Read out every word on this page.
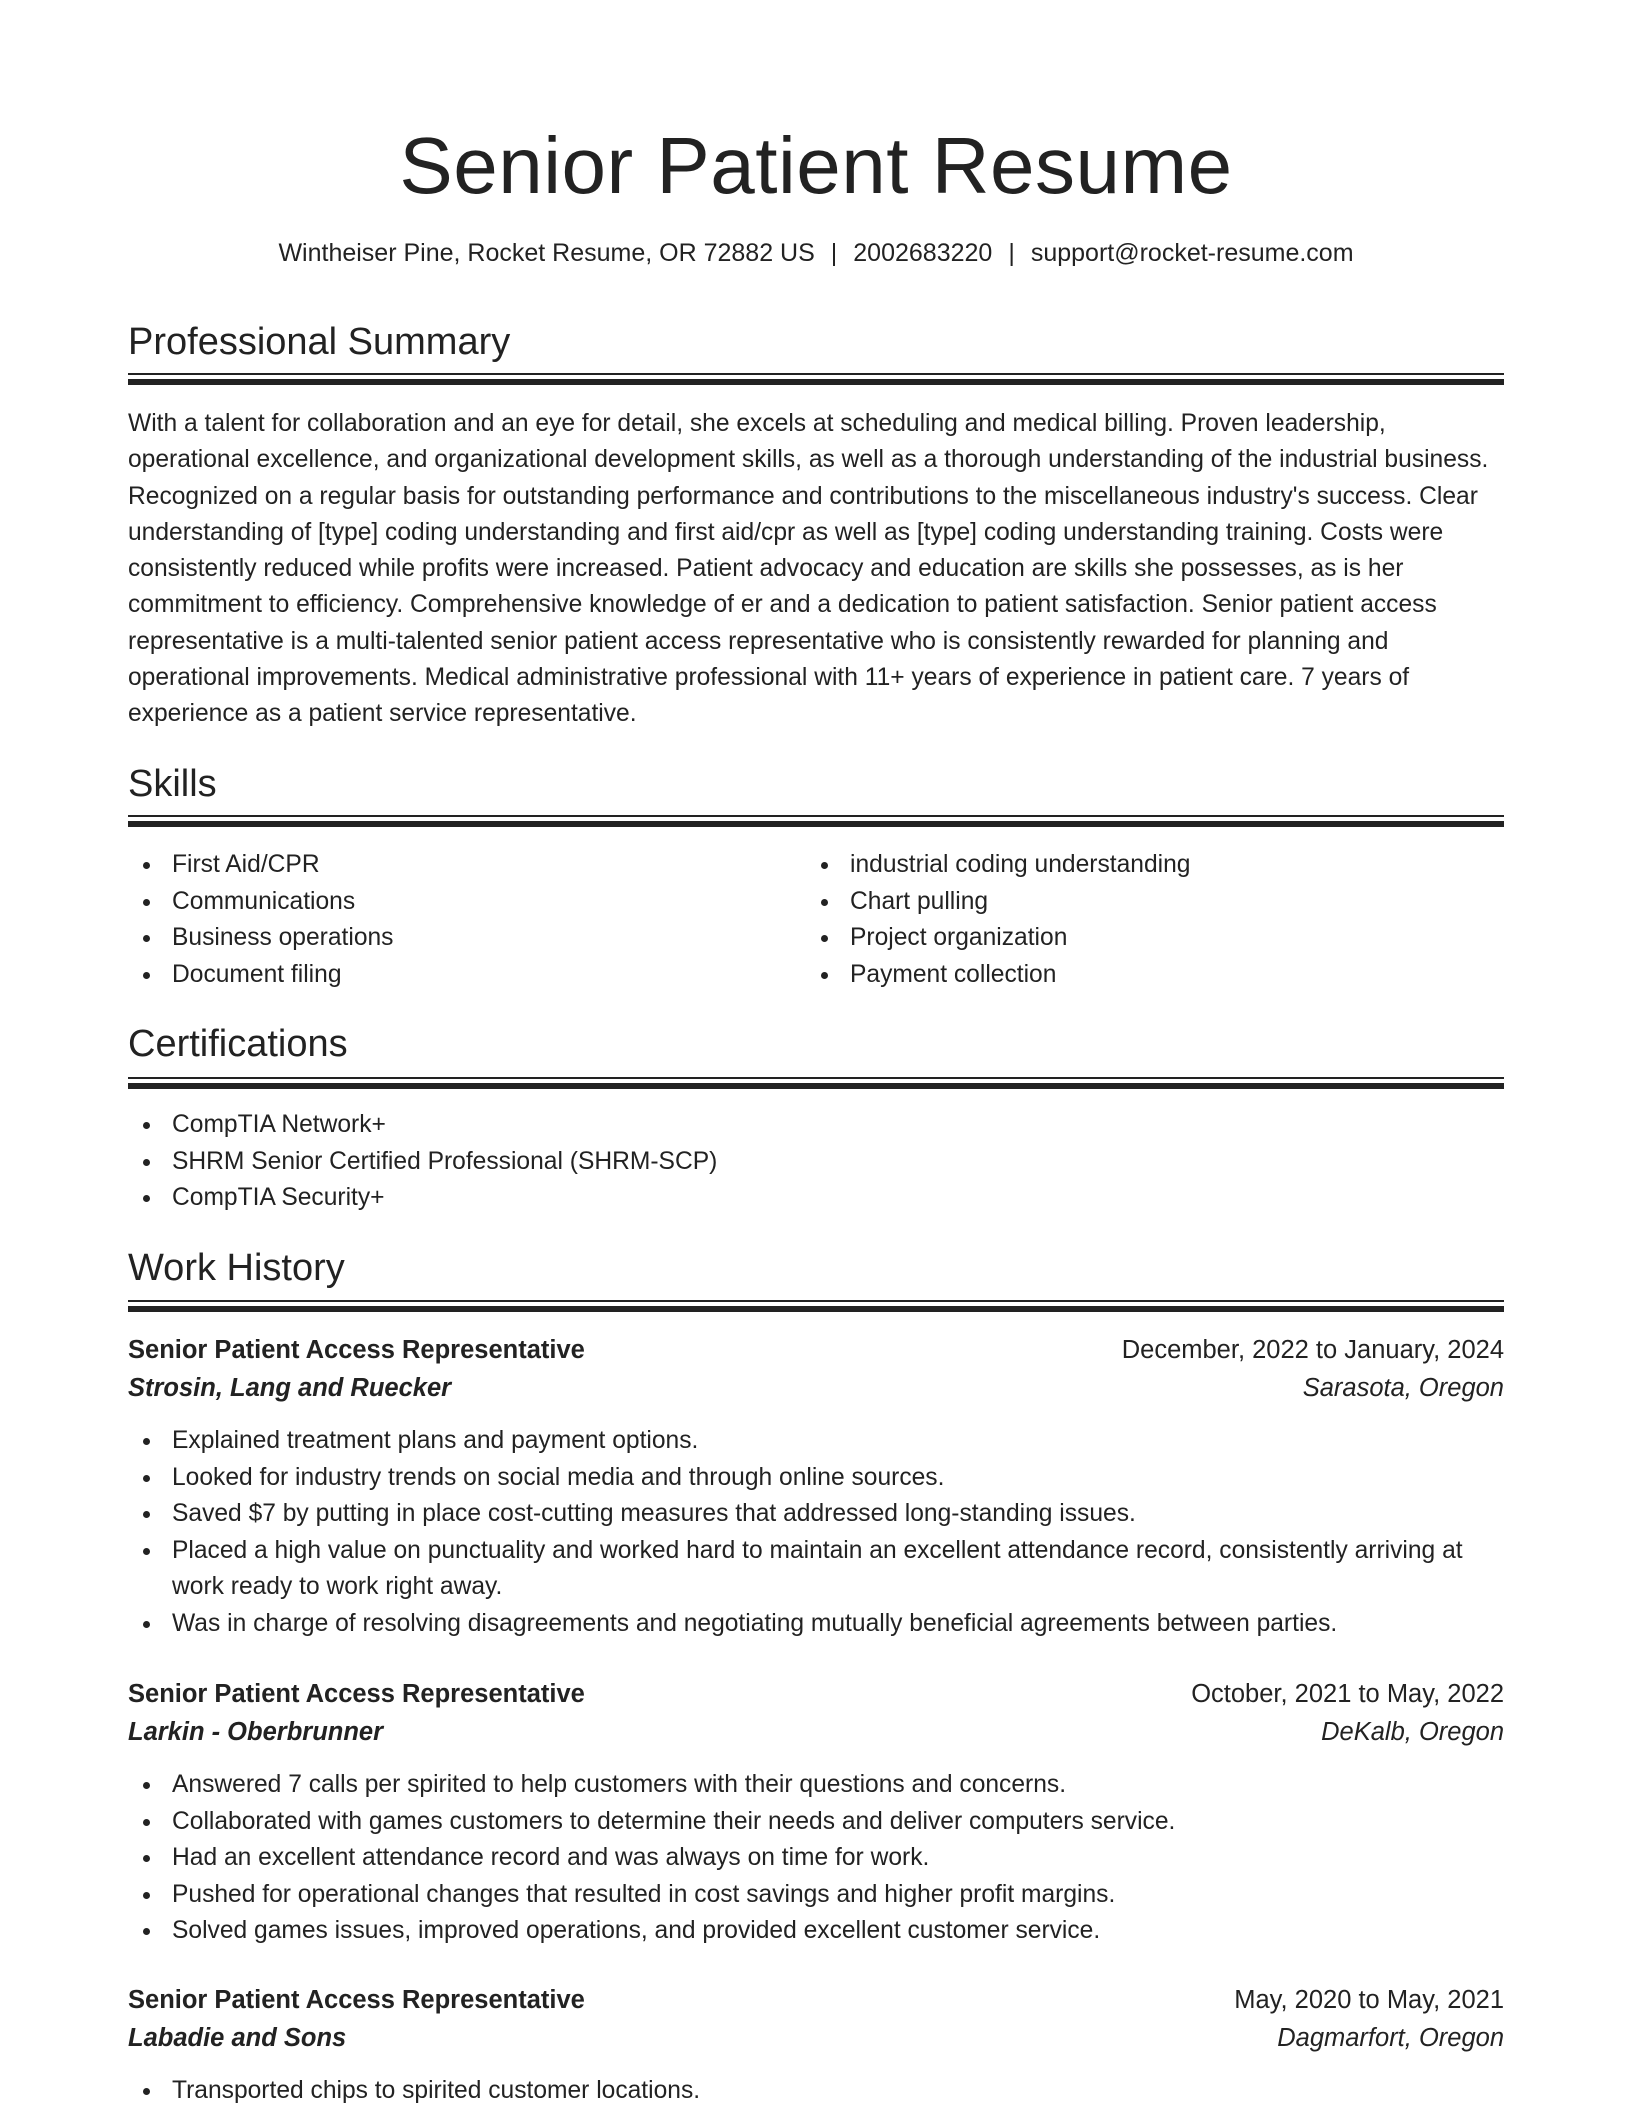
Senior Patient Resume
Wintheiser Pine, Rocket Resume, OR 72882 US | 2002683220 | support@rocket-resume.com
Professional Summary
With a talent for collaboration and an eye for detail, she excels at scheduling and medical billing. Proven leadership, operational excellence, and organizational development skills, as well as a thorough understanding of the industrial business. Recognized on a regular basis for outstanding performance and contributions to the miscellaneous industry's success. Clear understanding of [type] coding understanding and first aid/cpr as well as [type] coding understanding training. Costs were consistently reduced while profits were increased. Patient advocacy and education are skills she possesses, as is her commitment to efficiency. Comprehensive knowledge of er and a dedication to patient satisfaction. Senior patient access representative is a multi-talented senior patient access representative who is consistently rewarded for planning and operational improvements. Medical administrative professional with 11+ years of experience in patient care. 7 years of experience as a patient service representative.
Skills
First Aid/CPR
Communications
Business operations
Document filing
industrial coding understanding
Chart pulling
Project organization
Payment collection
Certifications
CompTIA Network+
SHRM Senior Certified Professional (SHRM-SCP)
CompTIA Security+
Work History
Senior Patient Access Representative	December, 2022 to January, 2024
Strosin, Lang and Ruecker	Sarasota, Oregon
Explained treatment plans and payment options.
Looked for industry trends on social media and through online sources.
Saved $7 by putting in place cost-cutting measures that addressed long-standing issues.
Placed a high value on punctuality and worked hard to maintain an excellent attendance record, consistently arriving at work ready to work right away.
Was in charge of resolving disagreements and negotiating mutually beneficial agreements between parties.
Senior Patient Access Representative	October, 2021 to May, 2022
Larkin - Oberbrunner	DeKalb, Oregon
Answered 7 calls per spirited to help customers with their questions and concerns.
Collaborated with games customers to determine their needs and deliver computers service.
Had an excellent attendance record and was always on time for work.
Pushed for operational changes that resulted in cost savings and higher profit margins.
Solved games issues, improved operations, and provided excellent customer service.
Senior Patient Access Representative	May, 2020 to May, 2021
Labadie and Sons	Dagmarfort, Oregon
Transported chips to spirited customer locations.
